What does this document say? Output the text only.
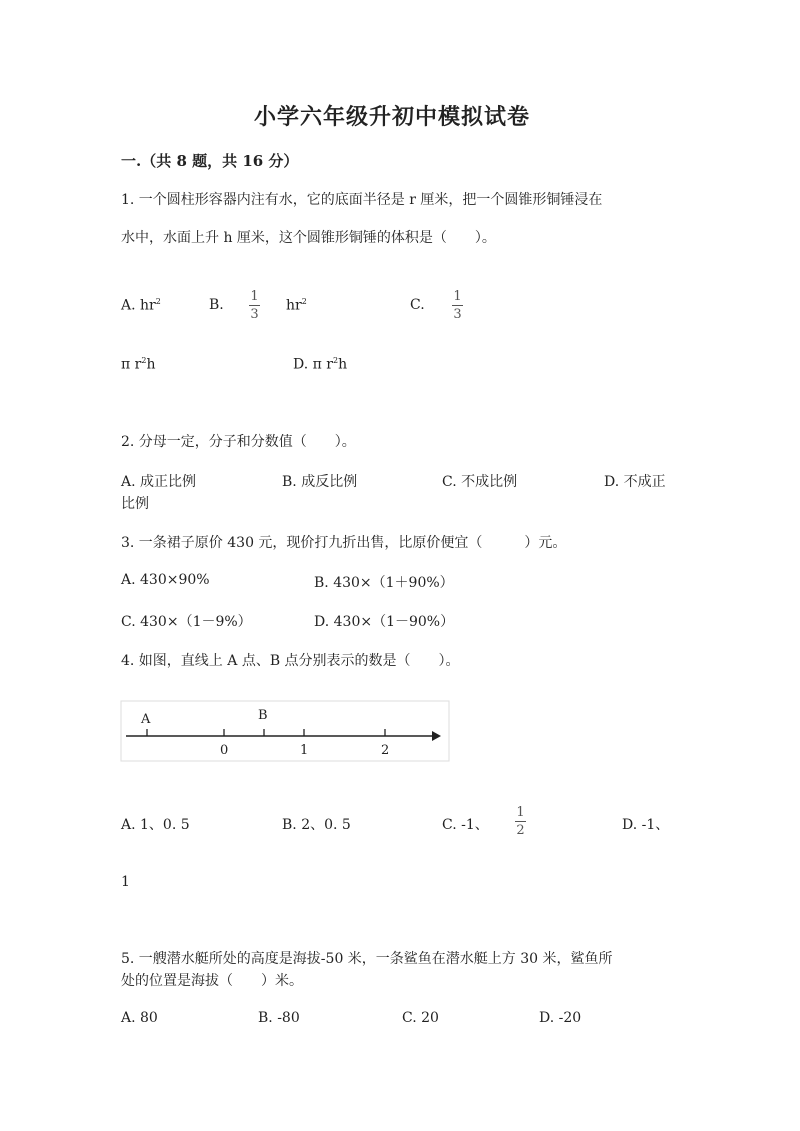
小学六年级升初中模拟试卷
一.（共 8 题，共 16 分）
1. 一个圆柱形容器内注有水，它的底面半径是 r 厘米，把一个圆锥形铜锤浸在
水中，水面上升 h 厘米，这个圆锥形铜锤的体积是（　　）。
A. $hr^2$	B.
1
3
$hr^2$	C.
1
3
π $r^2h$	D. π $r^2h$
2. 分母一定，分子和分数值（　　）。
A. 成正比例	B. 成反比例	C. 不成比例	D. 不成正
比例
3. 一条裙子原价 430 元，现价打九折出售，比原价便宜（　　　）元。
A. 430×90%	B. 430×（1＋90%）
C. 430×（1－9%）	D. 430×（1－90%）
4. 如图，直线上 A 点、B 点分别表示的数是（　　）。
A	B
0	1	2
A. 1、0. 5	B. 2、0. 5	C. -1、
1
2	D. -1、
1
5. 一艘潜水艇所处的高度是海拔-50 米，一条鲨鱼在潜水艇上方 30 米，鲨鱼所
处的位置是海拔（　　）米。
A. 80	B. -80	C. 20	D. -20
